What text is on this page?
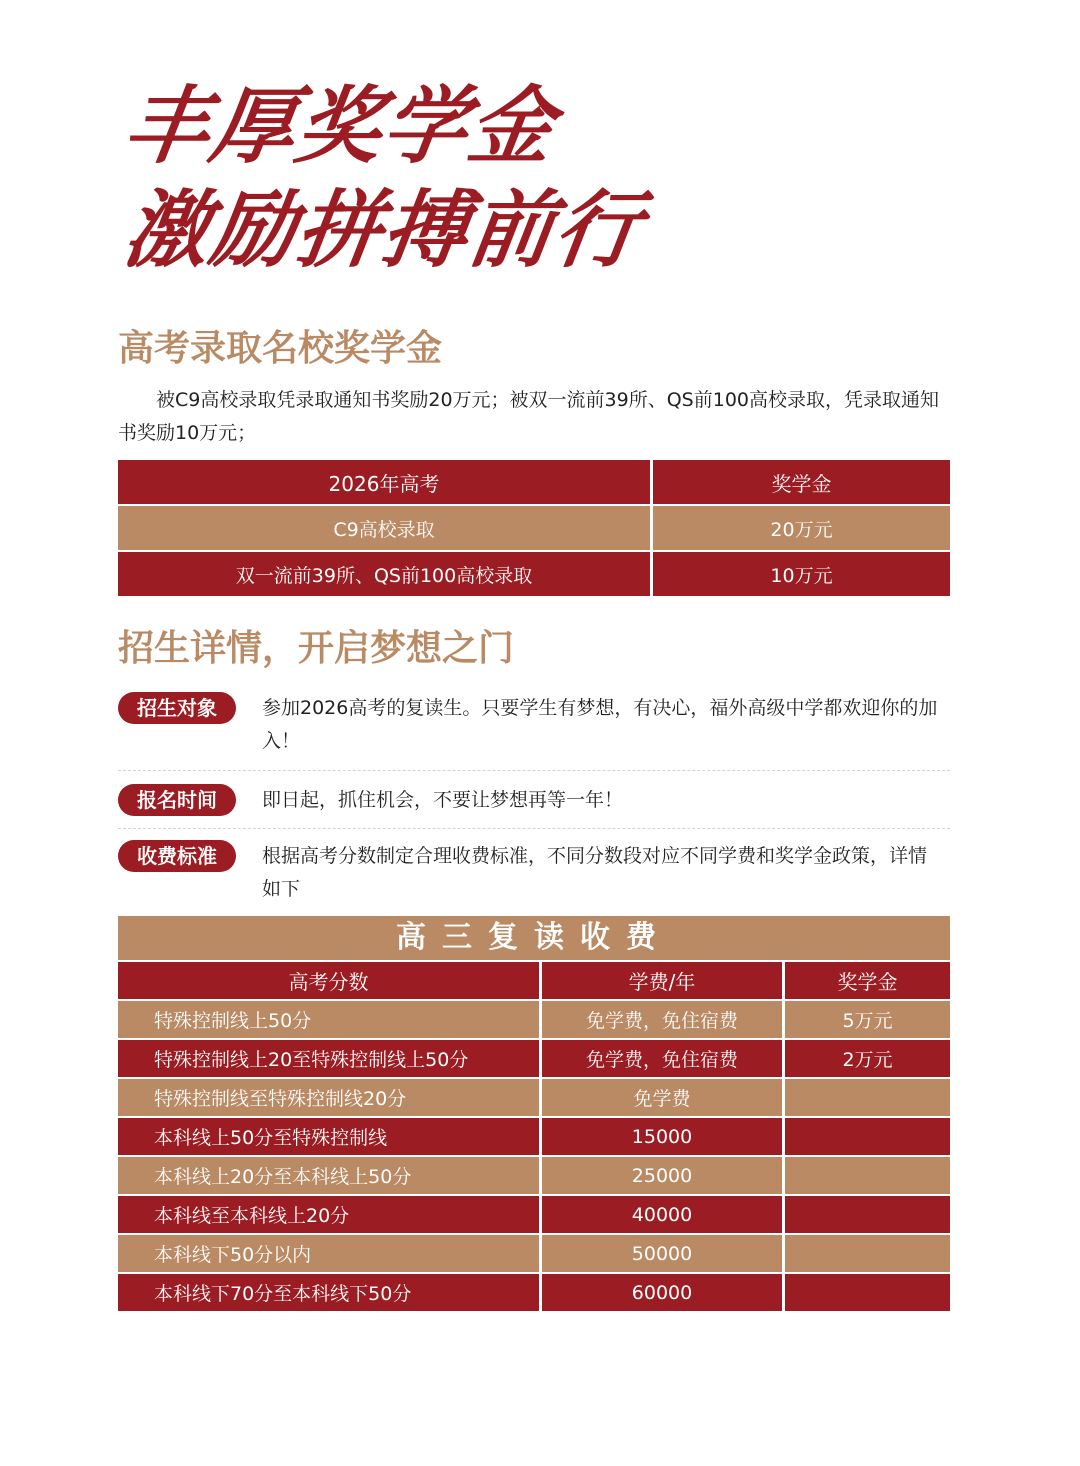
丰厚奖学金
激励拼搏前行
高考录取名校奖学金
被C9高校录取凭录取通知书奖励20万元；被双一流前39所、QS前100高校录取，凭录取通知书奖励10万元；
2026年高考	奖学金
C9高校录取	20万元
双一流前39所、QS前100高校录取	10万元
招生详情，开启梦想之门
招生对象	参加2026高考的复读生。只要学生有梦想，有决心，福外高级中学都欢迎你的加入！
报名时间	即日起，抓住机会，不要让梦想再等一年！
收费标准	根据高考分数制定合理收费标准，不同分数段对应不同学费和奖学金政策，详情如下
高三复读收费
高考分数	学费/年	奖学金
特殊控制线上50分	免学费，免住宿费	5万元
特殊控制线上20至特殊控制线上50分	免学费，免住宿费	2万元
特殊控制线至特殊控制线20分	免学费	
本科线上50分至特殊控制线	15000	
本科线上20分至本科线上50分	25000	
本科线至本科线上20分	40000	
本科线下50分以内	50000	
本科线下70分至本科线下50分	60000	
